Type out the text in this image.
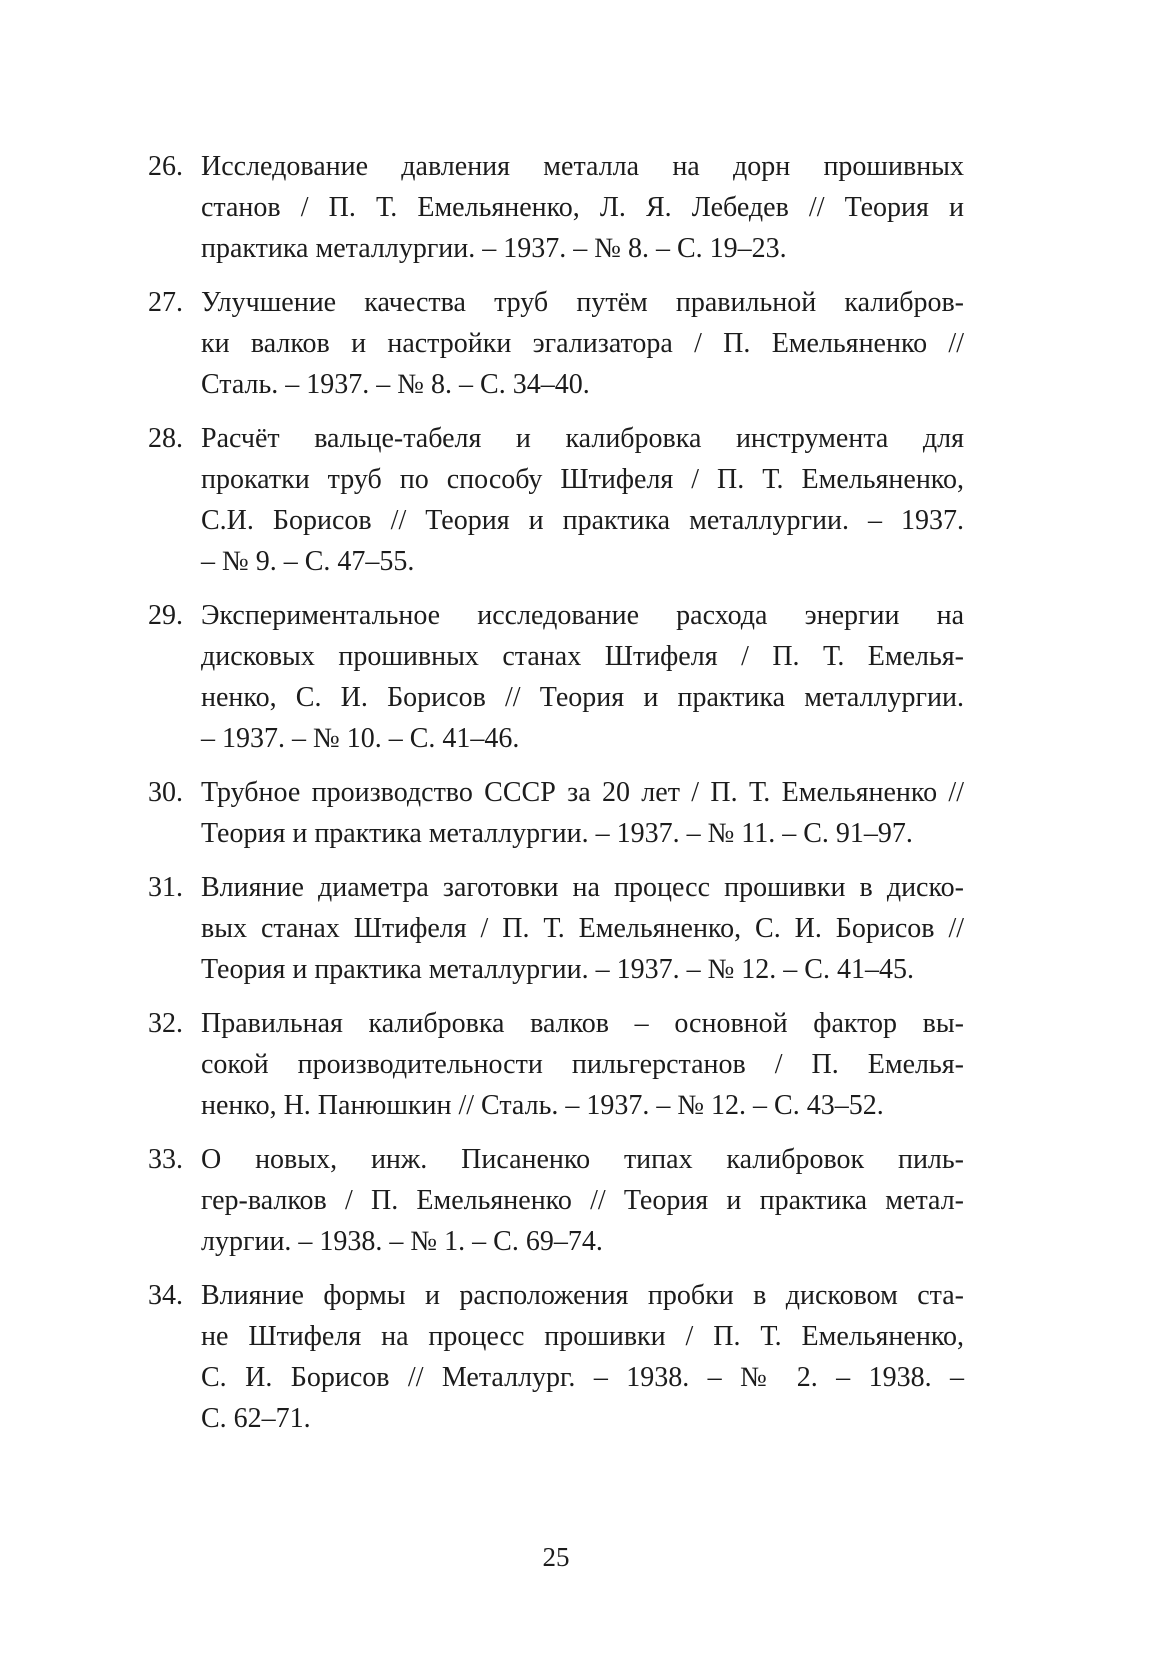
26. Исследование давления металла на дорн прошивных
станов / П. Т. Емельяненко, Л. Я. Лебедев // Теория и
практика металлургии. – 1937. – № 8. – С. 19–23.
27. Улучшение качества труб путём правильной калибров-
ки валков и настройки эгализатора / П. Емельяненко //
Сталь. – 1937. – № 8. – С. 34–40.
28. Расчёт вальце-табеля и калибровка инструмента для
прокатки труб по способу Штифеля / П. Т. Емельяненко,
С.И. Борисов // Теория и практика металлургии. – 1937.
– № 9. – С. 47–55.
29. Экспериментальное исследование расхода энергии на
дисковых прошивных станах Штифеля / П. Т. Емелья-
ненко, С. И. Борисов // Теория и практика металлургии.
– 1937. – № 10. – С. 41–46.
30. Трубное производство СССР за 20 лет / П. Т. Емельяненко //
Теория и практика металлургии. – 1937. – № 11. – С. 91–97.
31. Влияние диаметра заготовки на процесс прошивки в диско-
вых станах Штифеля / П. Т. Емельяненко, С. И. Борисов //
Теория и практика металлургии. – 1937. – № 12. – С. 41–45.
32. Правильная калибровка валков – основной фактор вы-
сокой производительности пильгерстанов / П. Емелья-
ненко, Н. Панюшкин // Сталь. – 1937. – № 12. – С. 43–52.
33. О новых, инж. Писаненко типах калибровок пиль-
гер-валков / П. Емельяненко // Теория и практика метал-
лургии. – 1938. – № 1. – С. 69–74.
34. Влияние формы и расположения пробки в дисковом ста-
не Штифеля на процесс прошивки / П. Т. Емельяненко,
С. И. Борисов // Металлург. – 1938. – № 2. – 1938. –
С. 62–71.
25
